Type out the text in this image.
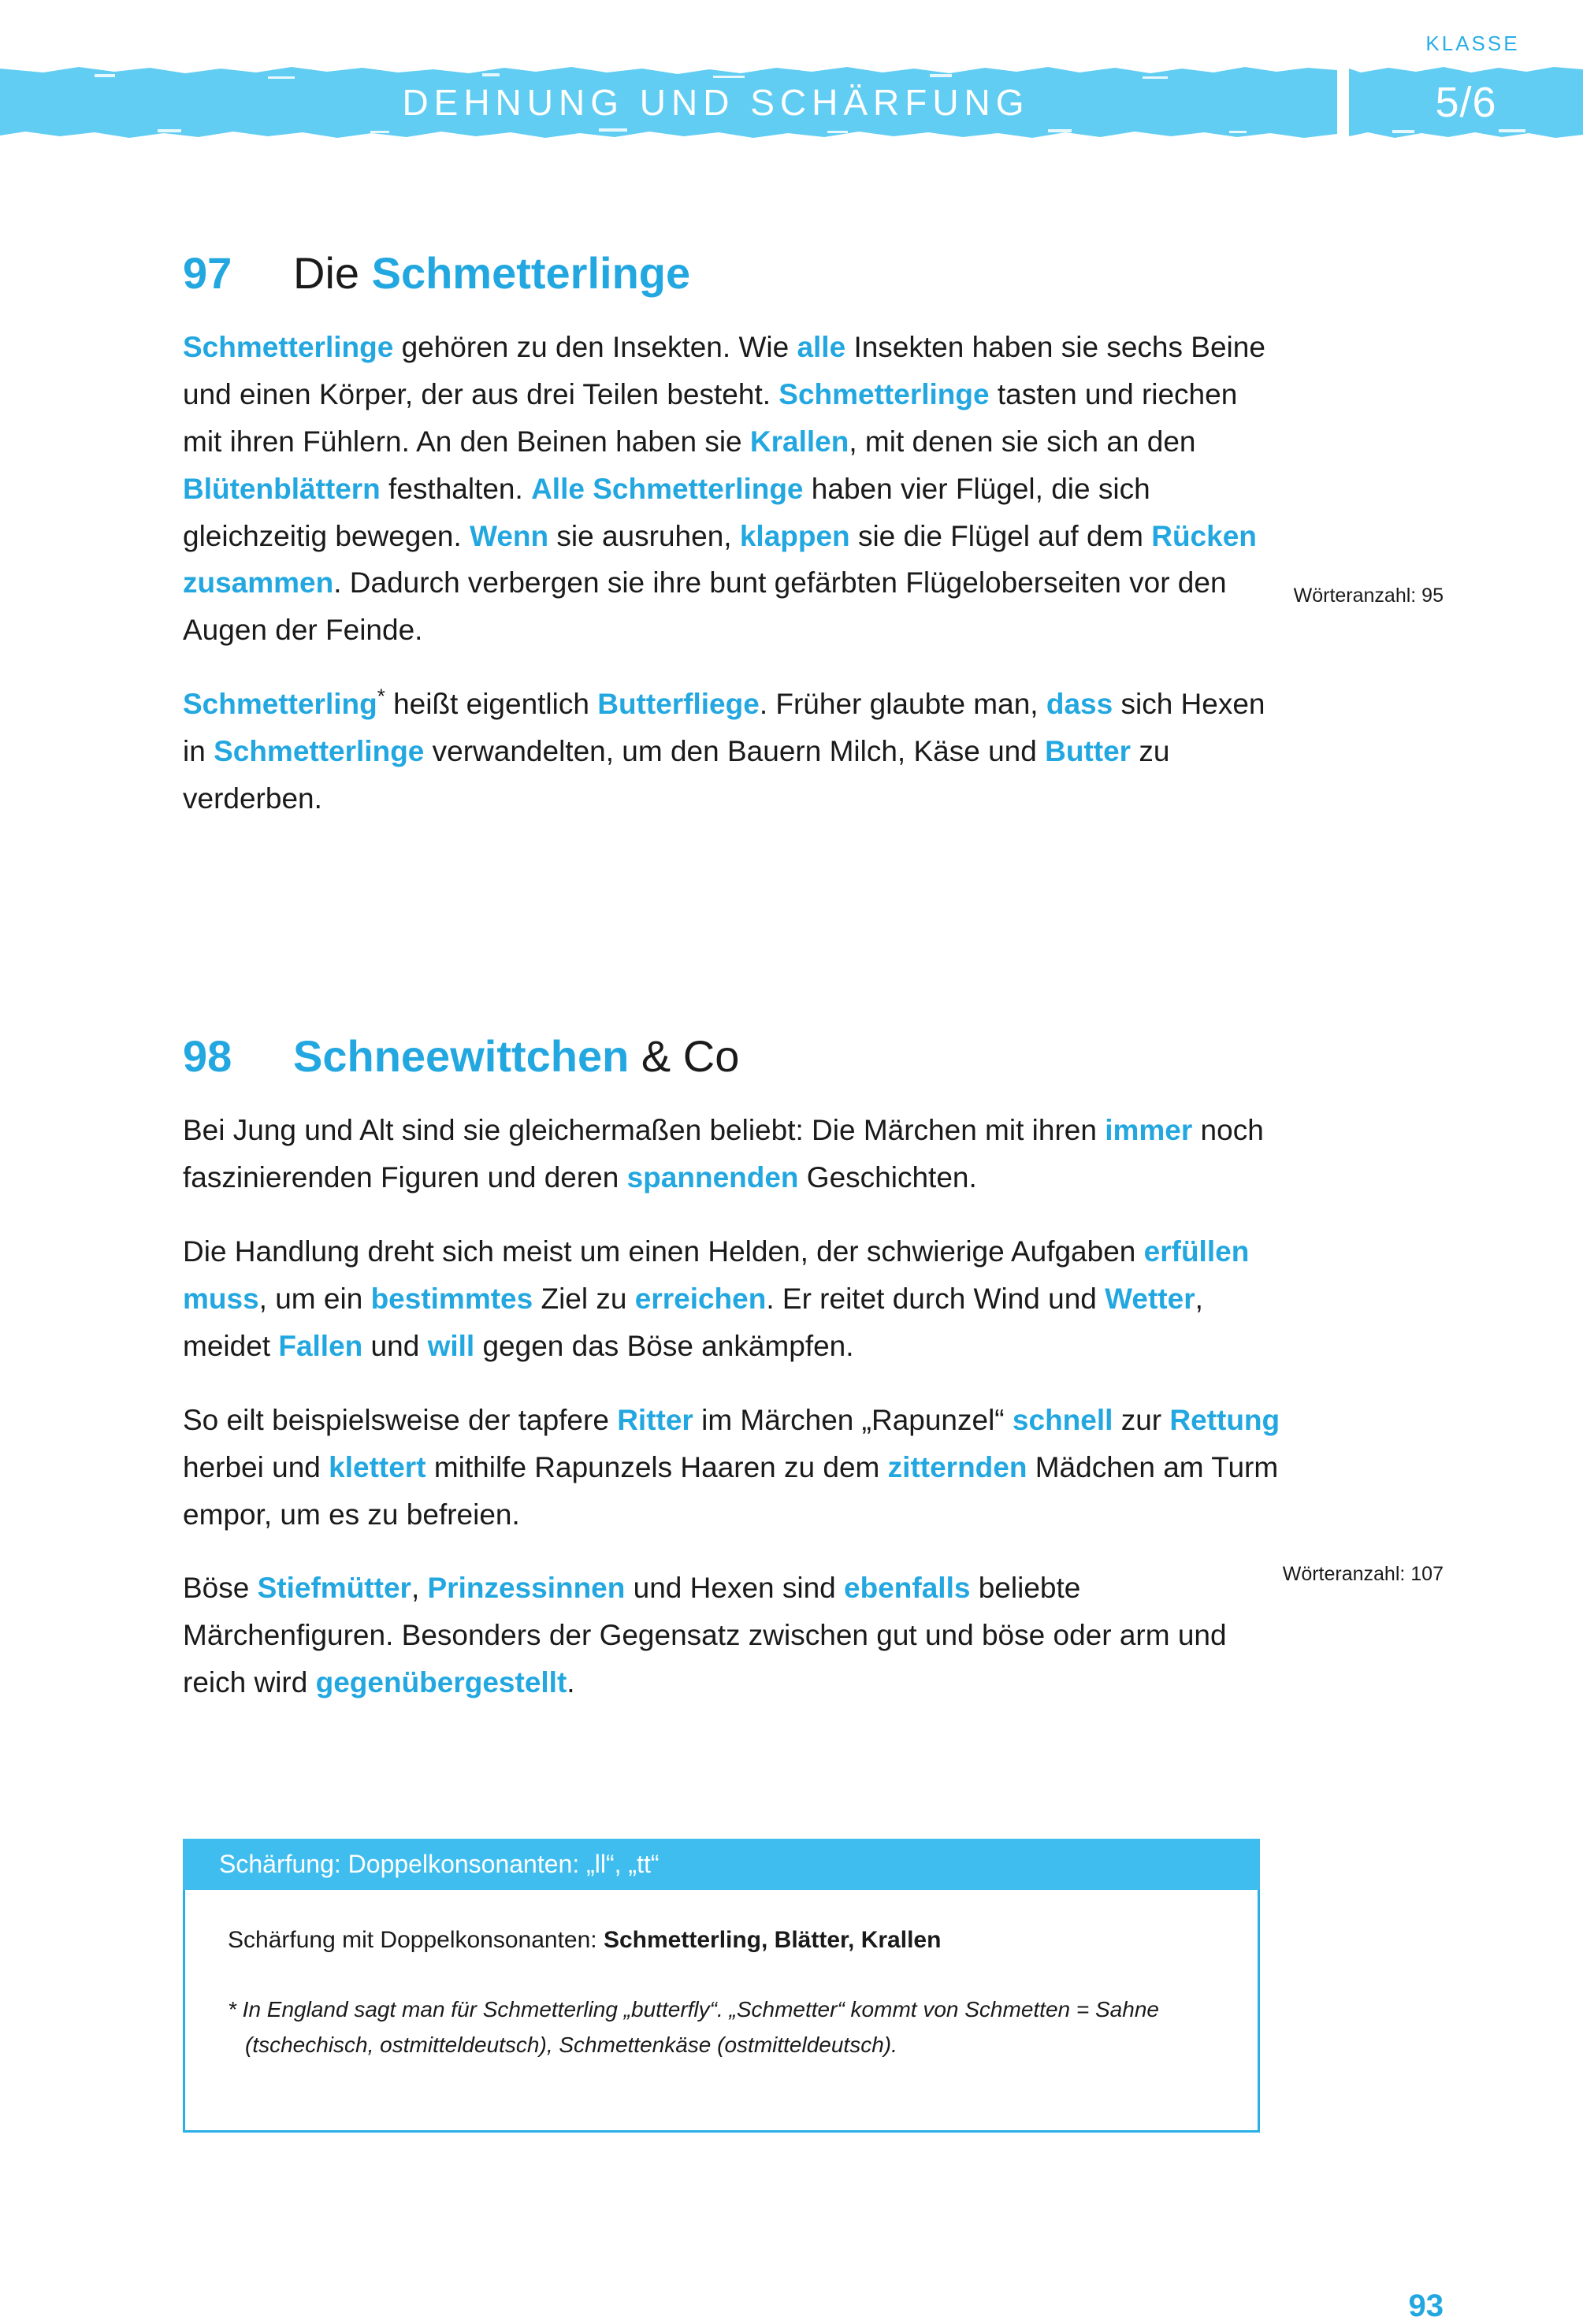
KLASSE
DEHNUNG UND SCHÄRFUNG	5/6
97	Die Schmetterlinge

Schmetterlinge gehören zu den Insekten. Wie alle Insekten haben sie sechs Beine und einen Körper, der aus drei Teilen besteht. Schmetterlinge tasten und riechen mit ihren Fühlern. An den Beinen haben sie Krallen, mit denen sie sich an den Blütenblättern festhalten. Alle Schmetterlinge haben vier Flügel, die sich gleichzeitig bewegen. Wenn sie ausruhen, klappen sie die Flügel auf dem Rücken zusammen. Dadurch verbergen sie ihre bunt gefärbten Flügeloberseiten vor den Augen der Feinde.

Schmetterling* heißt eigentlich Butterfliege. Früher glaubte man, dass sich Hexen in Schmetterlinge verwandelten, um den Bauern Milch, Käse und Butter zu verderben.

Wörteranzahl: 95
98	Schneewittchen & Co

Bei Jung und Alt sind sie gleichermaßen beliebt: Die Märchen mit ihren immer noch faszinierenden Figuren und deren spannenden Geschichten.

Die Handlung dreht sich meist um einen Helden, der schwierige Aufgaben erfüllen muss, um ein bestimmtes Ziel zu erreichen. Er reitet durch Wind und Wetter, meidet Fallen und will gegen das Böse ankämpfen.

So eilt beispielsweise der tapfere Ritter im Märchen „Rapunzel“ schnell zur Rettung herbei und klettert mithilfe Rapunzels Haaren zu dem zitternden Mädchen am Turm empor, um es zu befreien.

Böse Stiefmütter, Prinzessinnen und Hexen sind ebenfalls beliebte Märchenfiguren. Besonders der Gegensatz zwischen gut und böse oder arm und reich wird gegenübergestellt.

Wörteranzahl: 107
Schärfung: Doppelkonsonanten: „ll“, „tt“

Schärfung mit Doppelkonsonanten: Schmetterling, Blätter, Krallen

* In England sagt man für Schmetterling „butterfly“. „Schmetter“ kommt von Schmetten = Sahne (tschechisch, ostmitteldeutsch), Schmettenkäse (ostmitteldeutsch).

93
